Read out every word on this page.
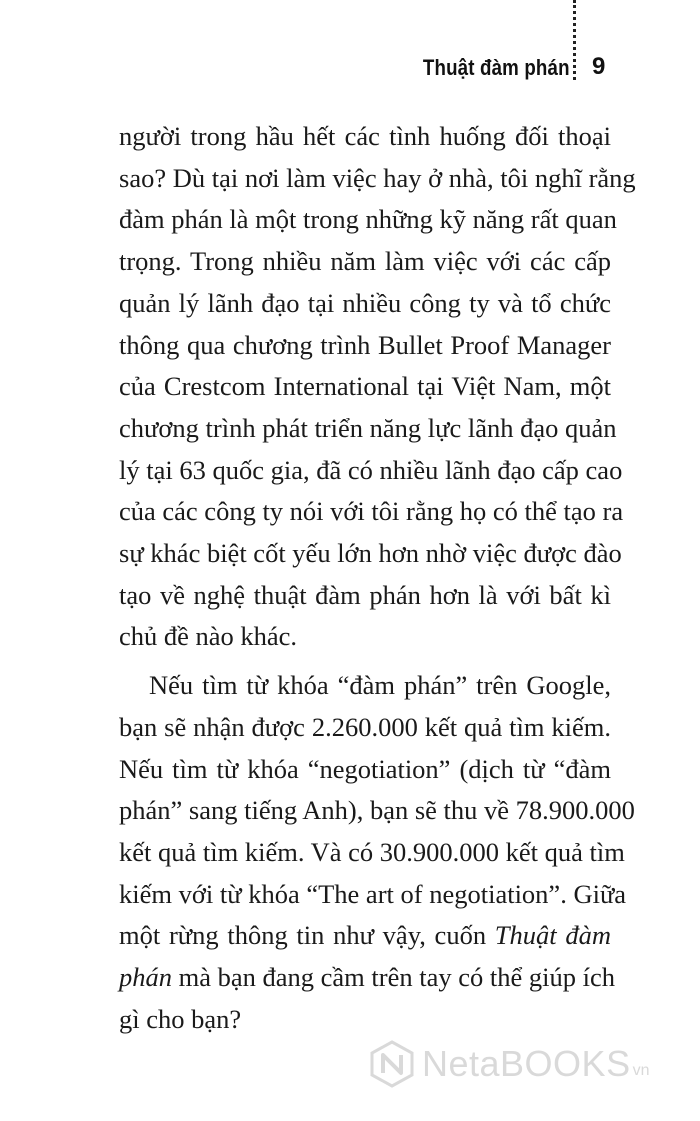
Thuật đàm phán 9
người trong hầu hết các tình huống đối thoại
sao? Dù tại nơi làm việc hay ở nhà, tôi nghĩ rằng
đàm phán là một trong những kỹ năng rất quan
trọng. Trong nhiều năm làm việc với các cấp
quản lý lãnh đạo tại nhiều công ty và tổ chức
thông qua chương trình Bullet Proof Manager
của Crestcom International tại Việt Nam, một
chương trình phát triển năng lực lãnh đạo quản
lý tại 63 quốc gia, đã có nhiều lãnh đạo cấp cao
của các công ty nói với tôi rằng họ có thể tạo ra
sự khác biệt cốt yếu lớn hơn nhờ việc được đào
tạo về nghệ thuật đàm phán hơn là với bất kì
chủ đề nào khác.
Nếu tìm từ khóa “đàm phán” trên Google,
bạn sẽ nhận được 2.260.000 kết quả tìm kiếm.
Nếu tìm từ khóa “negotiation” (dịch từ “đàm
phán” sang tiếng Anh), bạn sẽ thu về 78.900.000
kết quả tìm kiếm. Và có 30.900.000 kết quả tìm
kiếm với từ khóa “The art of negotiation”. Giữa
một rừng thông tin như vậy, cuốn Thuật đàm
phán mà bạn đang cầm trên tay có thể giúp ích
gì cho bạn?
NetaBOOKS vn
